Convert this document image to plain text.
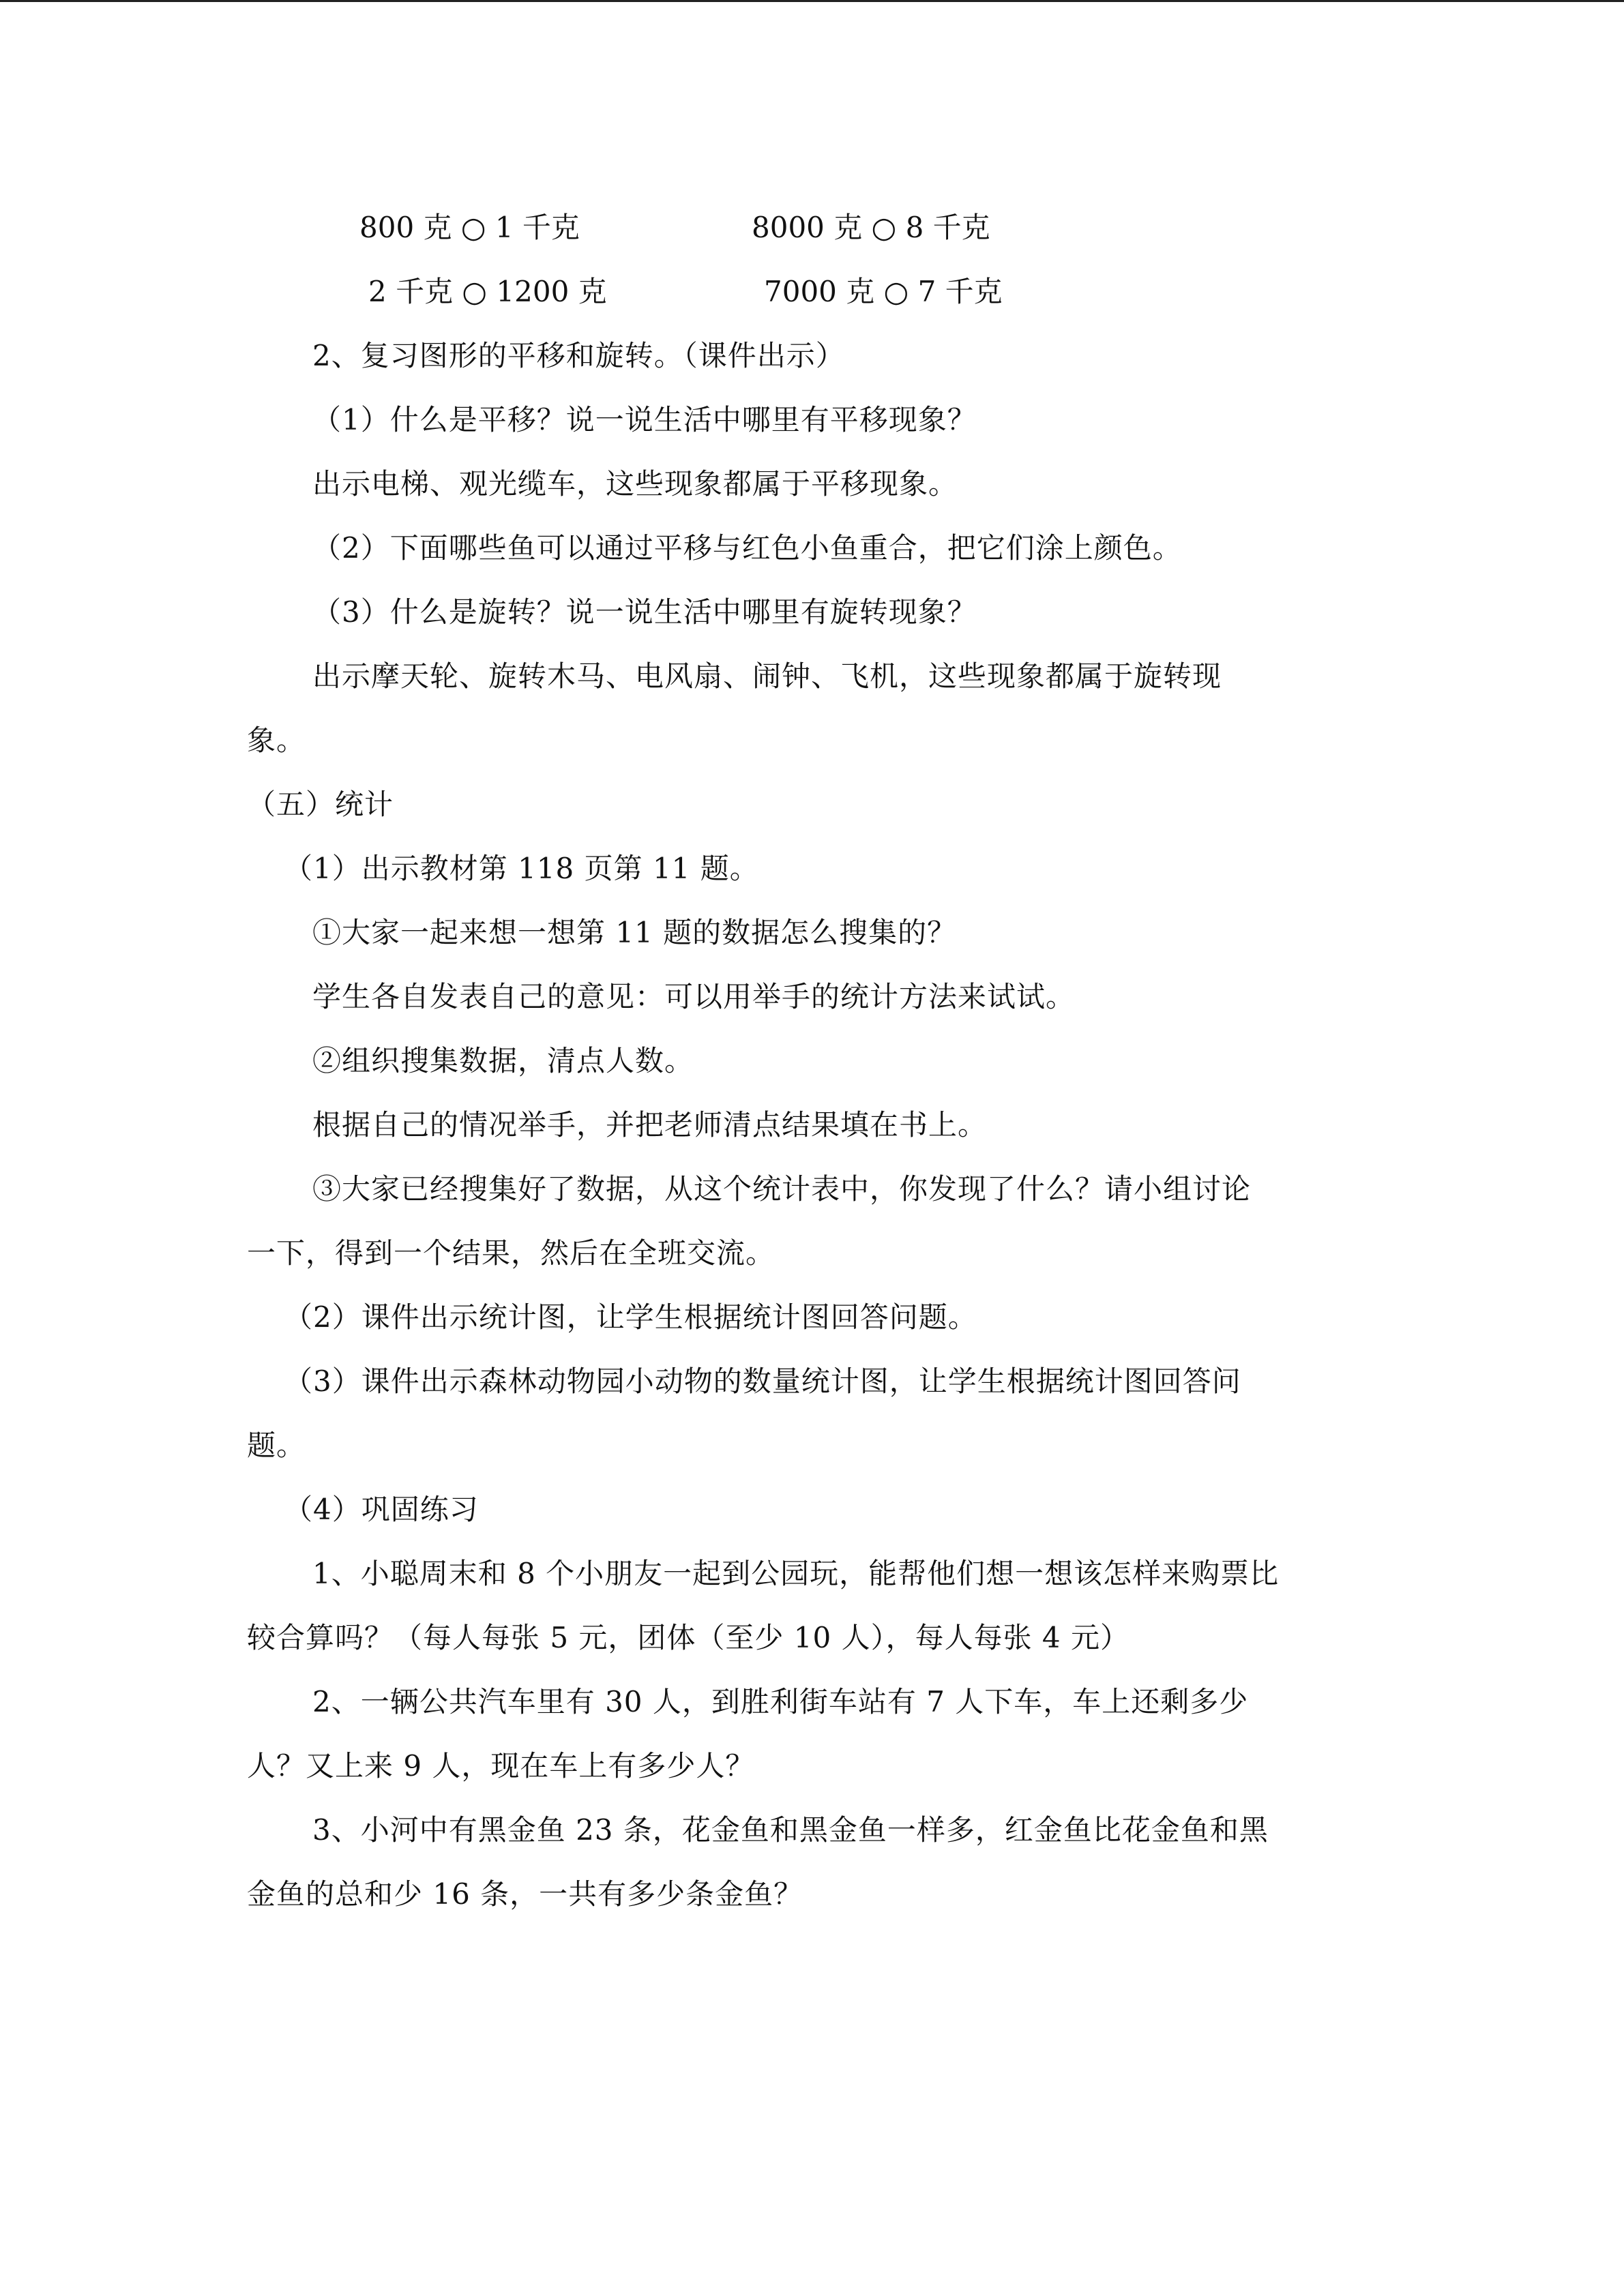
800 克 ○ 1 千克	8000 克 ○ 8 千克
2 千克 ○ 1200 克	7000 克 ○ 7 千克
2、复习图形的平移和旋转。（课件出示）
（1）什么是平移？说一说生活中哪里有平移现象？
出示电梯、观光缆车，这些现象都属于平移现象。
（2）下面哪些鱼可以通过平移与红色小鱼重合，把它们涂上颜色。
（3）什么是旋转？说一说生活中哪里有旋转现象？
出示摩天轮、旋转木马、电风扇、闹钟、飞机，这些现象都属于旋转现
象。
（五）统计
（1）出示教材第 118 页第 11 题。
①大家一起来想一想第 11 题的数据怎么搜集的？
学生各自发表自己的意见：可以用举手的统计方法来试试。
②组织搜集数据，清点人数。
根据自己的情况举手，并把老师清点结果填在书上。
③大家已经搜集好了数据，从这个统计表中，你发现了什么？请小组讨论
一下，得到一个结果，然后在全班交流。
（2）课件出示统计图，让学生根据统计图回答问题。
（3）课件出示森林动物园小动物的数量统计图，让学生根据统计图回答问
题。
（4）巩固练习
1、小聪周末和 8 个小朋友一起到公园玩，能帮他们想一想该怎样来购票比
较合算吗？（每人每张 5 元，团体（至少 10 人），每人每张 4 元）
2、一辆公共汽车里有 30 人，到胜利街车站有 7 人下车，车上还剩多少
人？又上来 9 人，现在车上有多少人？
3、小河中有黑金鱼 23 条，花金鱼和黑金鱼一样多，红金鱼比花金鱼和黑
金鱼的总和少 16 条，一共有多少条金鱼？
